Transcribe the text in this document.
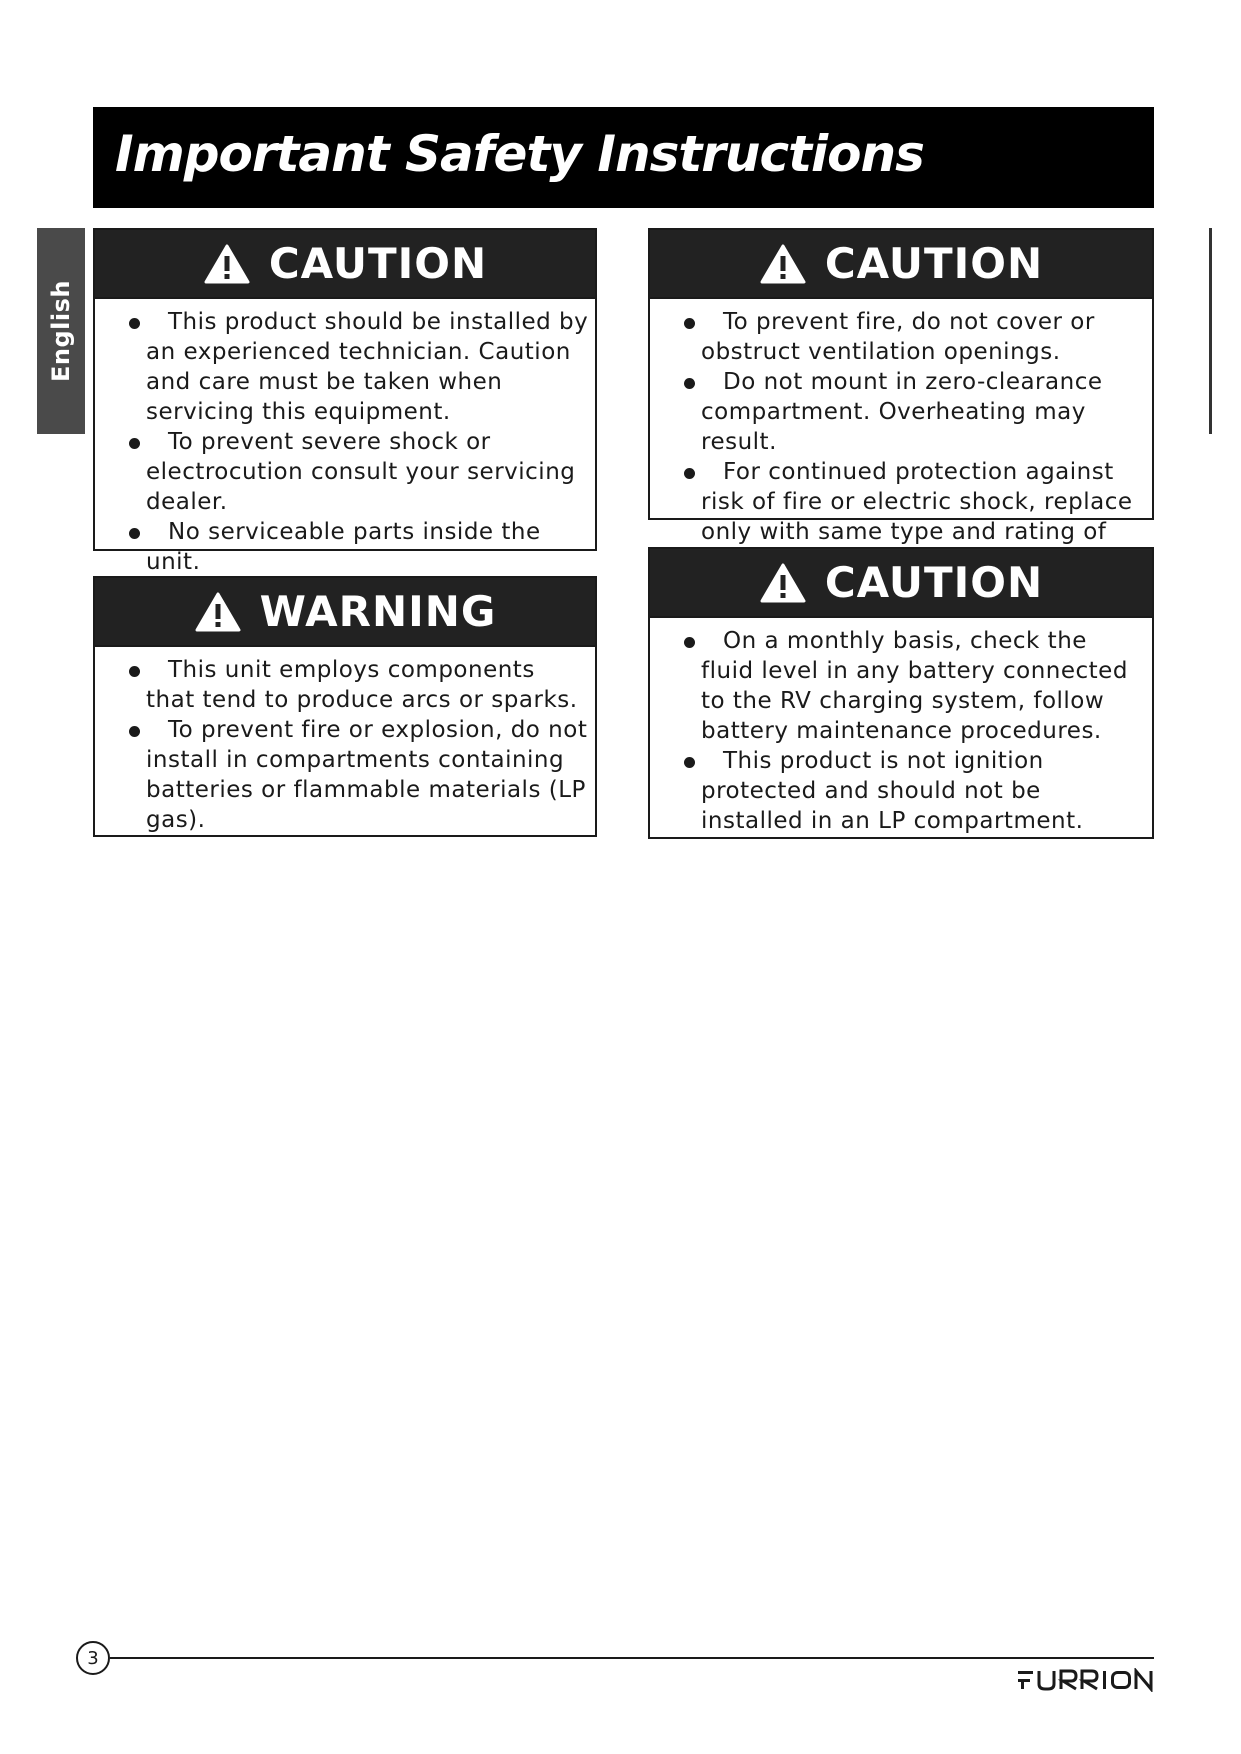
Important Safety Instructions
English
CAUTION
This product should be installed by an experienced technician. Caution and care must be taken when servicing this equipment.
To prevent severe shock or electrocution consult your servicing dealer.
No serviceable parts inside the unit.
WARNING
This unit employs components that tend to produce arcs or sparks.
To prevent fire or explosion, do not install in compartments containing batteries or flammable materials (LP gas).
CAUTION
To prevent fire, do not cover or obstruct ventilation openings.
Do not mount in zero-clearance compartment. Overheating may result.
For continued protection against risk of fire or electric shock, replace only with same type and rating of
CAUTION
On a monthly basis, check the fluid level in any battery connected to the RV charging system, follow battery maintenance procedures.
This product is not ignition protected and should not be installed in an LP compartment.
3
